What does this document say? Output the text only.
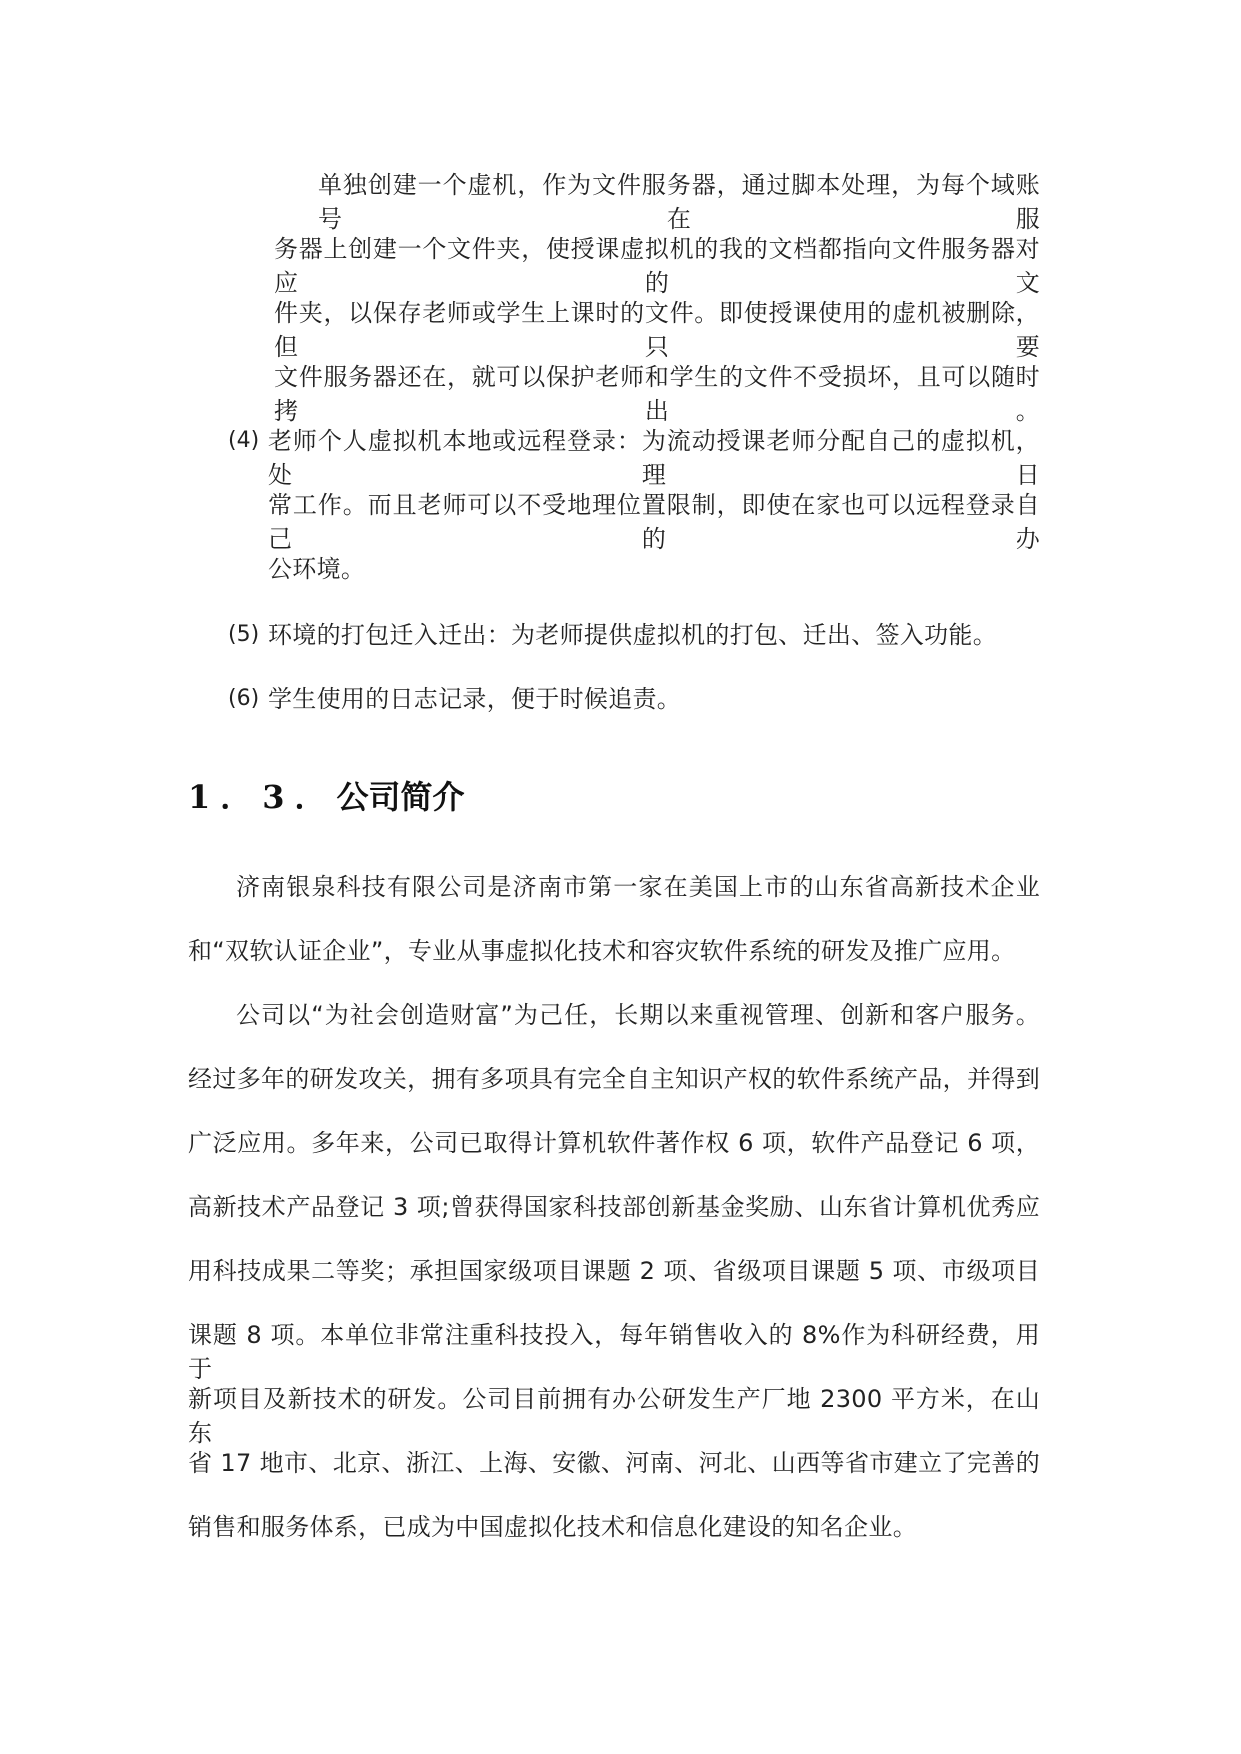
单独创建一个虚机，作为文件服务器，通过脚本处理，为每个域账号在服
务器上创建一个文件夹，使授课虚拟机的我的文档都指向文件服务器对应的文
件夹，以保存老师或学生上课时的文件。即使授课使用的虚机被删除，但只要
文件服务器还在，就可以保护老师和学生的文件不受损坏，且可以随时拷出。
(4) 老师个人虚拟机本地或远程登录：为流动授课老师分配自己的虚拟机，处理日
常工作。而且老师可以不受地理位置限制，即使在家也可以远程登录自己的办
公环境。
(5) 环境的打包迁入迁出：为老师提供虚拟机的打包、迁出、签入功能。
(6) 学生使用的日志记录，便于时候追责。
1．3．公司简介
济南银泉科技有限公司是济南市第一家在美国上市的山东省高新技术企业
和“双软认证企业”，专业从事虚拟化技术和容灾软件系统的研发及推广应用。
公司以“为社会创造财富”为己任，长期以来重视管理、创新和客户服务。
经过多年的研发攻关，拥有多项具有完全自主知识产权的软件系统产品，并得到
广泛应用。多年来，公司已取得计算机软件著作权 6 项，软件产品登记 6 项，
高新技术产品登记 3 项;曾获得国家科技部创新基金奖励、山东省计算机优秀应
用科技成果二等奖；承担国家级项目课题 2 项、省级项目课题 5 项、市级项目
课题 8 项。本单位非常注重科技投入，每年销售收入的 8%作为科研经费，用于
新项目及新技术的研发。公司目前拥有办公研发生产厂地 2300 平方米，在山东
省 17 地市、北京、浙江、上海、安徽、河南、河北、山西等省市建立了完善的
销售和服务体系，已成为中国虚拟化技术和信息化建设的知名企业。
